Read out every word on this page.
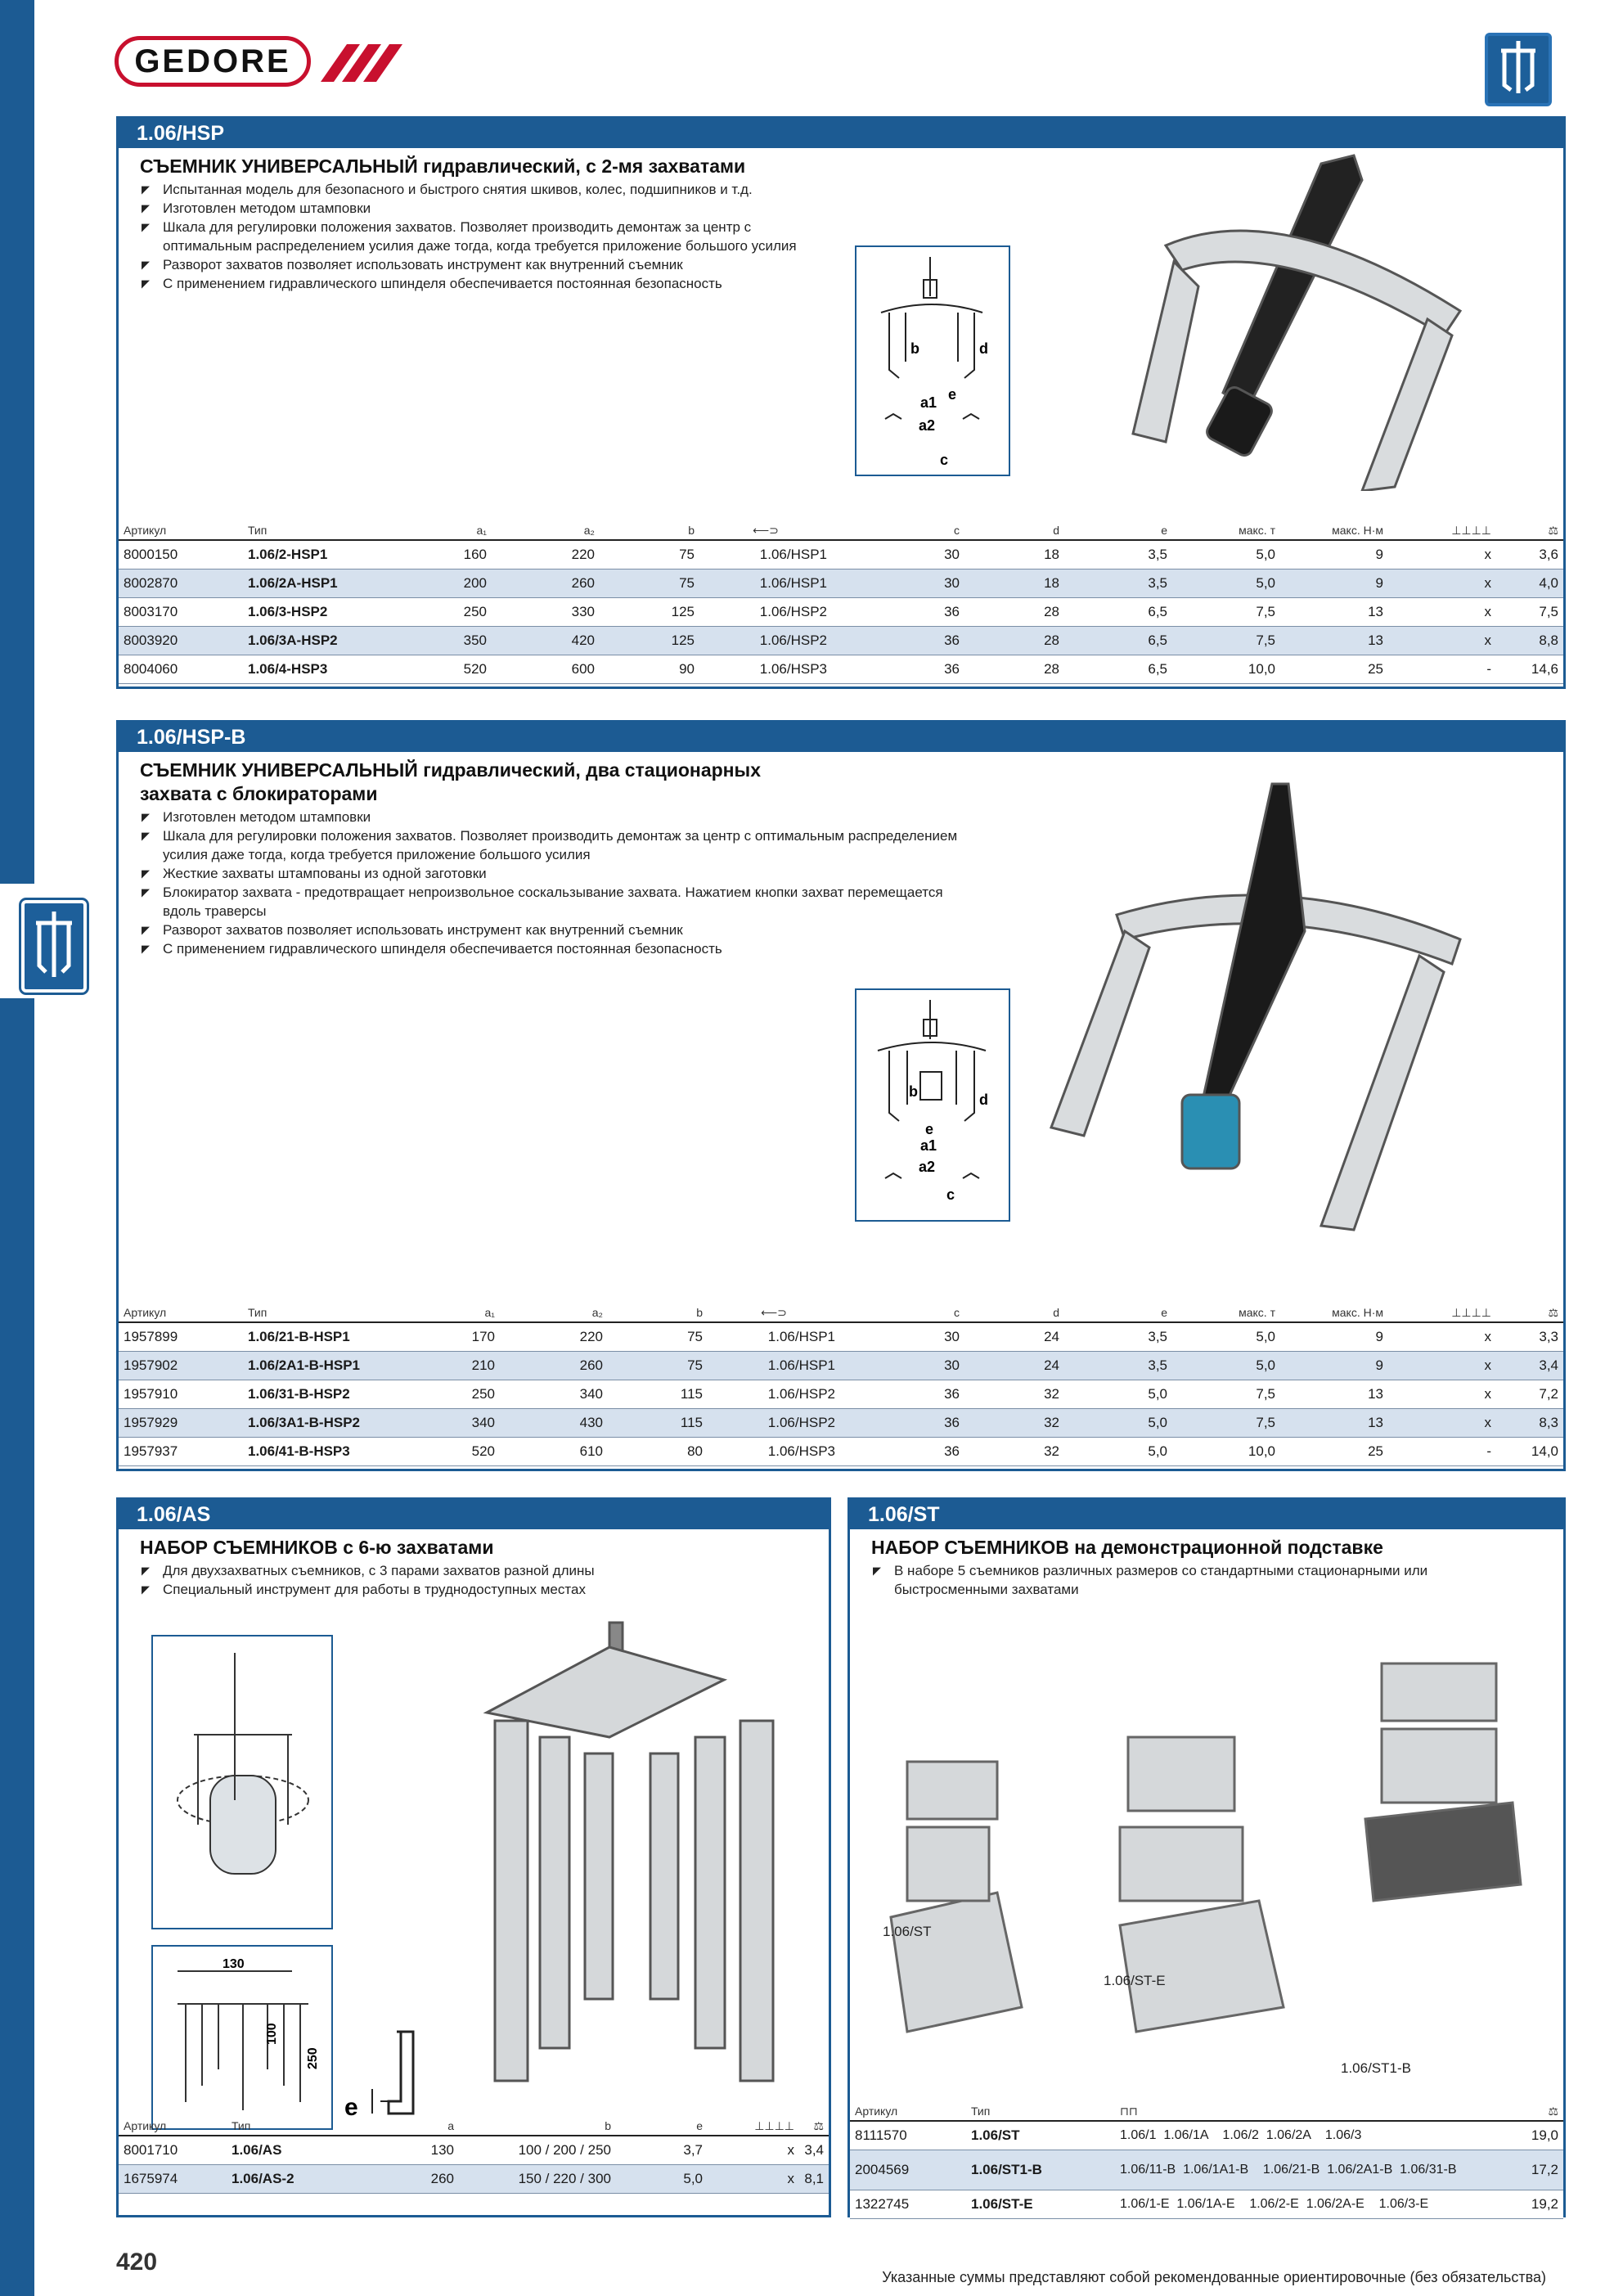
GEDORE
1.06/HSP
СЪЕМНИК УНИВЕРСАЛЬНЫЙ гидравлический, с 2-мя захватами
◤ Испытанная модель для безопасного и быстрого снятия шкивов, колес, подшипников и т.д.
◤ Изготовлен методом штамповки
◤ Шкала для регулировки положения захватов. Позволяет производить демонтаж за центр с оптимальным распределением усилия даже тогда, когда требуется приложение большого усилия
◤ Разворот захватов позволяет использовать инструмент как внутренний съемник
◤ С применением гидравлического шпинделя обеспечивается постоянная безопасность
b	d
e
a1
a2
c
Артикул	Тип	a₁	a₂	b	⟵⊃	c	d	e	макс. т	макс. Н·м	⊥⊥⊥⊥	⚖
8000150	1.06/2-HSP1	160	220	75	1.06/HSP1	30	18	3,5	5,0	9	x	3,6
8002870	1.06/2A-HSP1	200	260	75	1.06/HSP1	30	18	3,5	5,0	9	x	4,0
8003170	1.06/3-HSP2	250	330	125	1.06/HSP2	36	28	6,5	7,5	13	x	7,5
8003920	1.06/3A-HSP2	350	420	125	1.06/HSP2	36	28	6,5	7,5	13	x	8,8
8004060	1.06/4-HSP3	520	600	90	1.06/HSP3	36	28	6,5	10,0	25	-	14,6
1.06/HSP-B
СЪЕМНИК УНИВЕРСАЛЬНЫЙ гидравлический, два стационарных
захвата с блокираторами
◤ Изготовлен методом штамповки
◤ Шкала для регулировки положения захватов. Позволяет производить демонтаж за центр с оптимальным распределением усилия даже тогда, когда требуется приложение большого усилия
◤ Жесткие захваты штампованы из одной заготовки
◤ Блокиратор захвата - предотвращает непроизвольное соскальзывание захвата. Нажатием кнопки захват перемещается вдоль траверсы
◤ Разворот захватов позволяет использовать инструмент как внутренний съемник
◤ С применением гидравлического шпинделя обеспечивается постоянная безопасность
b	d
e
a1
a2
c
Артикул	Тип	a₁	a₂	b	⟵⊃	c	d	e	макс. т	макс. Н·м	⊥⊥⊥⊥	⚖
1957899	1.06/21-B-HSP1	170	220	75	1.06/HSP1	30	24	3,5	5,0	9	x	3,3
1957902	1.06/2A1-B-HSP1	210	260	75	1.06/HSP1	30	24	3,5	5,0	9	x	3,4
1957910	1.06/31-B-HSP2	250	340	115	1.06/HSP2	36	32	5,0	7,5	13	x	7,2
1957929	1.06/3A1-B-HSP2	340	430	115	1.06/HSP2	36	32	5,0	7,5	13	x	8,3
1957937	1.06/41-B-HSP3	520	610	80	1.06/HSP3	36	32	5,0	10,0	25	-	14,0
1.06/AS
НАБОР СЪЕМНИКОВ с 6-ю захватами
◤ Для двухзахватных съемников, с 3 парами захватов разной длины
◤ Специальный инструмент для работы в труднодоступных местах
130
100
250
e
Артикул	Тип	a	b	e	⊥⊥⊥⊥	⚖
8001710	1.06/AS	130	100 / 200 / 250	3,7	x	3,4
1675974	1.06/AS-2	260	150 / 220 / 300	5,0	x	8,1
1.06/ST
НАБОР СЪЕМНИКОВ на демонстрационной подставке
◤ В наборе 5 съемников различных размеров со стандартными стационарными или быстросменными захватами
1.06/ST1-B
1.06/ST-E
1.06/ST
Артикул	Тип	⊓⊓	⚖
8111570	1.06/ST	1.06/1  1.06/1A    1.06/2  1.06/2A    1.06/3	19,0
2004569	1.06/ST1-B	1.06/11-B  1.06/1A1-B    1.06/21-B  1.06/2A1-B  1.06/31-B	17,2
1322745	1.06/ST-E	1.06/1-E  1.06/1A-E    1.06/2-E  1.06/2A-E    1.06/3-E	19,2
420
Указанные суммы представляют собой рекомендованные ориентировочные (без обязательства)
